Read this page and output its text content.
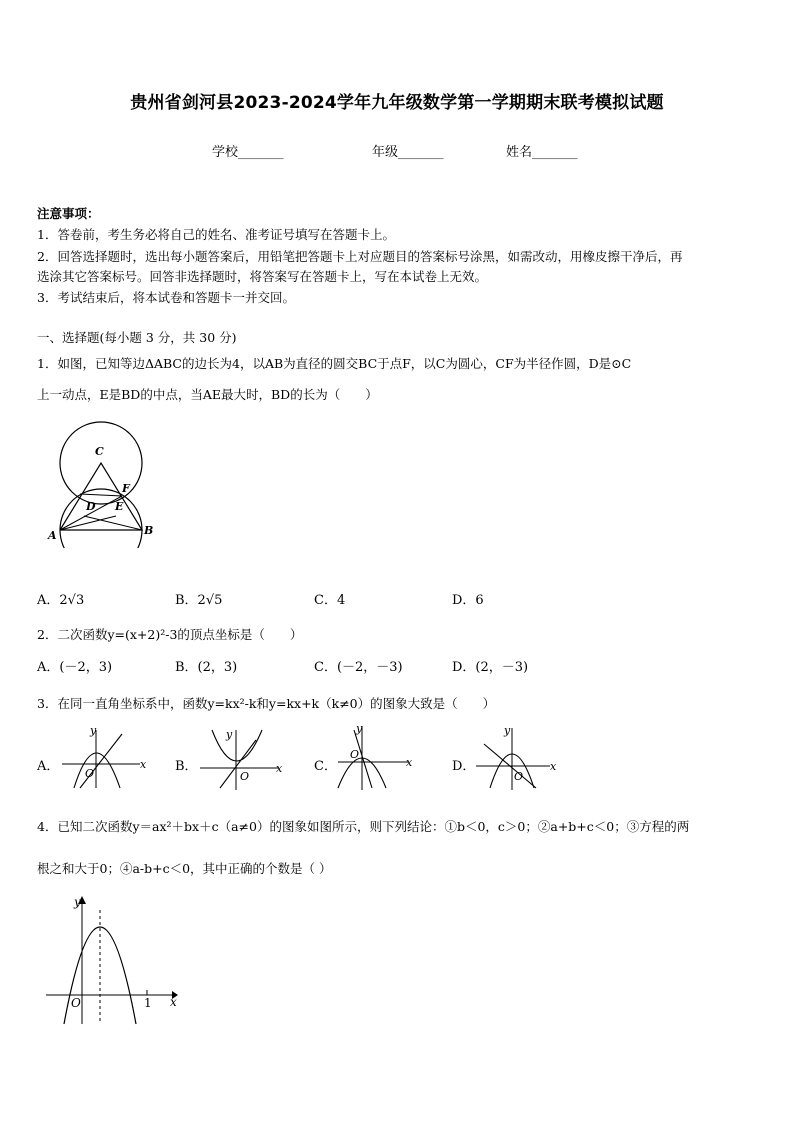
贵州省剑河县2023-2024学年九年级数学第一学期期末联考模拟试题
学校_______	年级_______	姓名_______
注意事项：
1．答卷前，考生务必将自己的姓名、准考证号填写在答题卡上。
2．回答选择题时，选出每小题答案后，用铅笔把答题卡上对应题目的答案标号涂黑，如需改动，用橡皮擦干净后，再
选涂其它答案标号。回答非选择题时，将答案写在答题卡上，写在本试卷上无效。
3．考试结束后，将本试卷和答题卡一并交回。
一、选择题(每小题 3 分，共 30 分)
1．如图，已知等边ΔABC的边长为4，以AB为直径的圆交BC于点F，以C为圆心，CF为半径作圆，D是⊙C
上一动点，E是BD的中点，当AE最大时，BD的长为（　　）
C
F
D E
A	B
A．2√3	B．2√5	C．4	D．6
2．二次函数y=(x+2)²-3的顶点坐标是（　　）
A．(－2，3)	B．(2，3)	C．(－2，－3)	D．(2，－3)
3．在同一直角坐标系中，函数y=kx²-k和y=kx+k（k≠0）的图象大致是（　　）
A．	B．	C．	D．
y
x
O
y
x
O
y
x
O
y
x
O
4．已知二次函数y＝ax²＋bx＋c（a≠0）的图象如图所示，则下列结论：①b＜0，c＞0；②a+b+c＜0；③方程的两
根之和大于0；④a-b+c＜0，其中正确的个数是（ ）
y
x
O	1
